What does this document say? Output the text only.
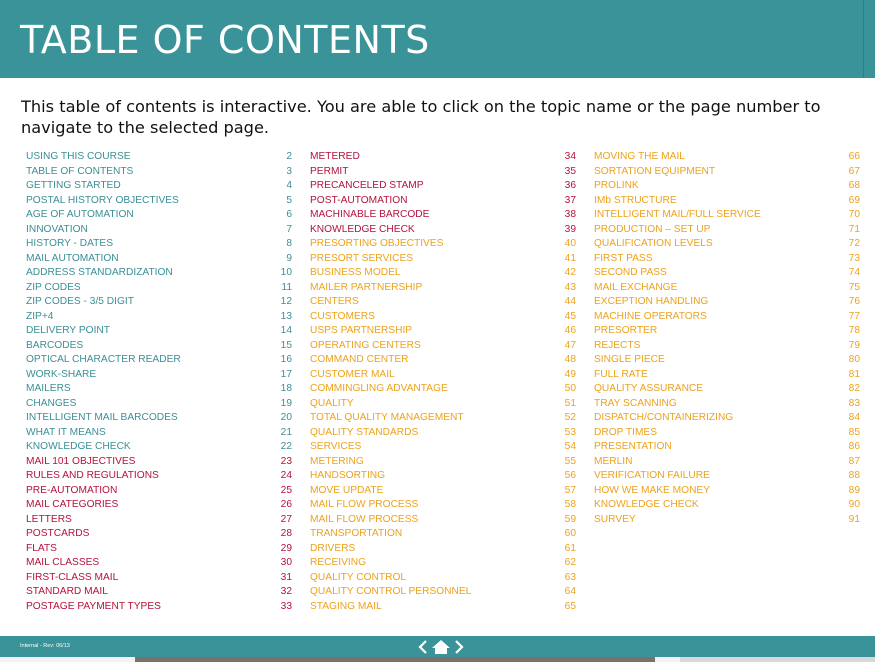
TABLE OF CONTENTS

This table of contents is interactive. You are able to click on the topic name or the page number to navigate to the selected page.

USING THIS COURSE	2
TABLE OF CONTENTS	3
GETTING STARTED	4
POSTAL HISTORY OBJECTIVES	5
AGE OF AUTOMATION	6
INNOVATION	7
HISTORY - DATES	8
MAIL AUTOMATION	9
ADDRESS STANDARDIZATION	10
ZIP CODES	11
ZIP CODES - 3/5 DIGIT	12
ZIP+4	13
DELIVERY POINT	14
BARCODES	15
OPTICAL CHARACTER READER	16
WORK-SHARE	17
MAILERS	18
CHANGES	19
INTELLIGENT MAIL BARCODES	20
WHAT IT MEANS	21
KNOWLEDGE CHECK	22
MAIL 101 OBJECTIVES	23
RULES AND REGULATIONS	24
PRE-AUTOMATION	25
MAIL CATEGORIES	26
LETTERS	27
POSTCARDS	28
FLATS	29
MAIL CLASSES	30
FIRST-CLASS MAIL	31
STANDARD MAIL	32
POSTAGE PAYMENT TYPES	33
METERED	34
PERMIT	35
PRECANCELED STAMP	36
POST-AUTOMATION	37
MACHINABLE BARCODE	38
KNOWLEDGE CHECK	39
PRESORTING OBJECTIVES	40
PRESORT SERVICES	41
BUSINESS MODEL	42
MAILER PARTNERSHIP	43
CENTERS	44
CUSTOMERS	45
USPS PARTNERSHIP	46
OPERATING CENTERS	47
COMMAND CENTER	48
CUSTOMER MAIL	49
COMMINGLING ADVANTAGE	50
QUALITY	51
TOTAL QUALITY MANAGEMENT	52
QUALITY STANDARDS	53
SERVICES	54
METERING	55
HANDSORTING	56
MOVE UPDATE	57
MAIL FLOW PROCESS	58
MAIL FLOW PROCESS	59
TRANSPORTATION	60
DRIVERS	61
RECEIVING	62
QUALITY CONTROL	63
QUALITY CONTROL PERSONNEL	64
STAGING MAIL	65
MOVING THE MAIL	66
SORTATION EQUIPMENT	67
PROLINK	68
IMb STRUCTURE	69
INTELLIGENT MAIL/FULL SERVICE	70
PRODUCTION – SET UP	71
QUALIFICATION LEVELS	72
FIRST PASS	73
SECOND PASS	74
MAIL EXCHANGE	75
EXCEPTION HANDLING	76
MACHINE OPERATORS	77
PRESORTER	78
REJECTS	79
SINGLE PIECE	80
FULL RATE	81
QUALITY ASSURANCE	82
TRAY SCANNING	83
DISPATCH/CONTAINERIZING	84
DROP TIMES	85
PRESENTATION	86
MERLIN	87
VERIFICATION FAILURE	88
HOW WE MAKE MONEY	89
KNOWLEDGE CHECK	90
SURVEY	91
Internal - Rev: 06/13
